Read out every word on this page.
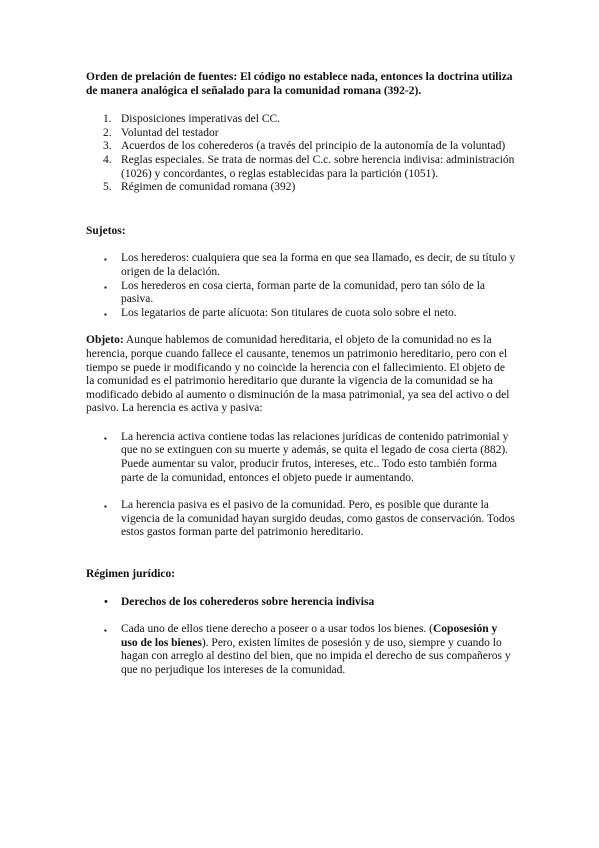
Orden de prelación de fuentes: El código no establece nada, entonces la doctrina utiliza de manera analógica el señalado para la comunidad romana (392-2).

1. Disposiciones imperativas del CC.
2. Voluntad del testador
3. Acuerdos de los coherederos (a través del principio de la autonomía de la voluntad)
4. Reglas especiales. Se trata de normas del C.c. sobre herencia indivisa: administración (1026) y concordantes, o reglas establecidas para la partición (1051).
5. Régimen de comunidad romana (392)

Sujetos:

▪ Los herederos: cualquiera que sea la forma en que sea llamado, es decir, de su título y origen de la delación.
▪ Los herederos en cosa cierta, forman parte de la comunidad, pero tan sólo de la pasiva.
▪ Los legatarios de parte alícuota: Son titulares de cuota solo sobre el neto.

Objeto: Aunque hablemos de comunidad hereditaria, el objeto de la comunidad no es la herencia, porque cuando fallece el causante, tenemos un patrimonio hereditario, pero con el tiempo se puede ir modificando y no coincide la herencia con el fallecimiento. El objeto de la comunidad es el patrimonio hereditario que durante la vigencia de la comunidad se ha modificado debido al aumento o disminución de la masa patrimonial, ya sea del activo o del pasivo. La herencia es activa y pasiva:

▪ La herencia activa contiene todas las relaciones jurídicas de contenido patrimonial y que no se extinguen con su muerte y además, se quita el legado de cosa cierta (882). Puede aumentar su valor, producir frutos, intereses, etc.. Todo esto también forma parte de la comunidad, entonces el objeto puede ir aumentando.
▪ La herencia pasiva es el pasivo de la comunidad. Pero, es posible que durante la vigencia de la comunidad hayan surgido deudas, como gastos de conservación. Todos estos gastos forman parte del patrimonio hereditario.

Régimen jurídico:

• Derechos de los coherederos sobre herencia indivisa
▪ Cada uno de ellos tiene derecho a poseer o a usar todos los bienes. (Coposesión y uso de los bienes). Pero, existen límites de posesión y de uso, siempre y cuando lo hagan con arreglo al destino del bien, que no impida el derecho de sus compañeros y que no perjudique los intereses de la comunidad.
